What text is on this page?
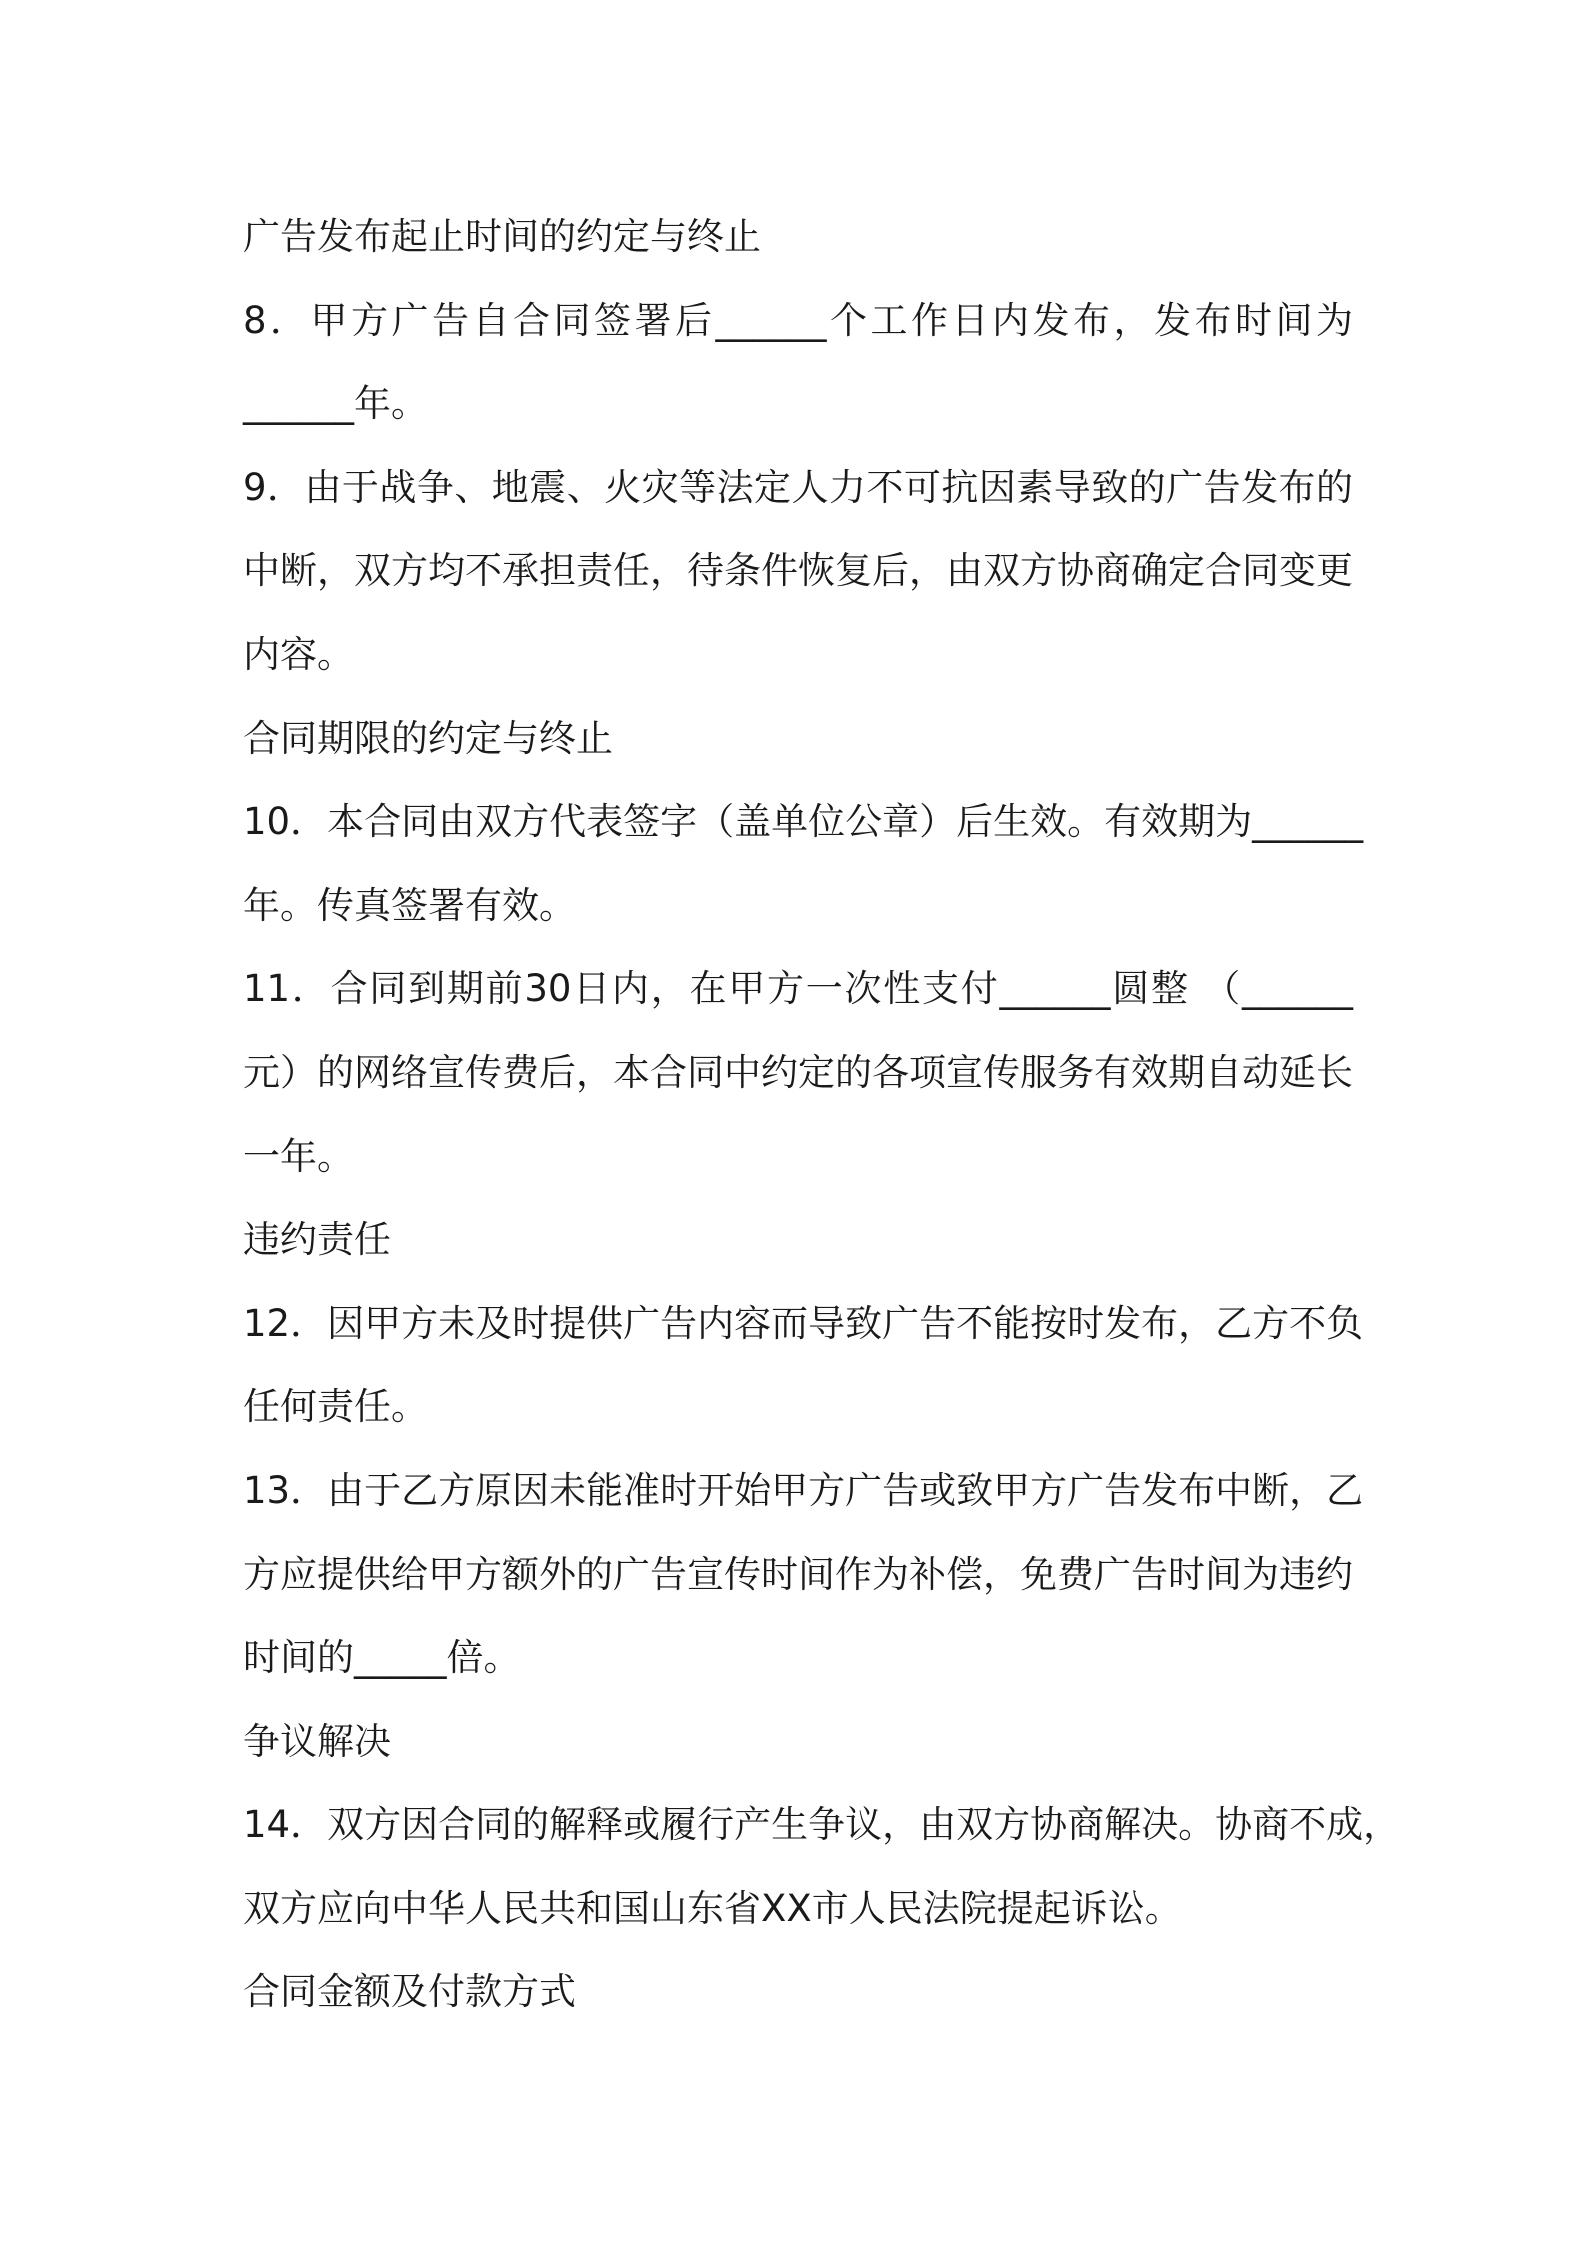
广告发布起止时间的约定与终止
8．甲方广告自合同签署后______个工作日内发布，发布时间为
______年。
9．由于战争、地震、火灾等法定人力不可抗因素导致的广告发布的
中断，双方均不承担责任，待条件恢复后，由双方协商确定合同变更
内容。
合同期限的约定与终止
10．本合同由双方代表签字（盖单位公章）后生效。有效期为______
年。传真签署有效。
11．合同到期前30日内，在甲方一次性支付______圆整 （______
元）的网络宣传费后，本合同中约定的各项宣传服务有效期自动延长
一年。
违约责任
12．因甲方未及时提供广告内容而导致广告不能按时发布，乙方不负
任何责任。
13．由于乙方原因未能准时开始甲方广告或致甲方广告发布中断，乙
方应提供给甲方额外的广告宣传时间作为补偿，免费广告时间为违约
时间的_____倍。
争议解决
14．双方因合同的解释或履行产生争议，由双方协商解决。协商不成，
双方应向中华人民共和国山东省XX市人民法院提起诉讼。
合同金额及付款方式
